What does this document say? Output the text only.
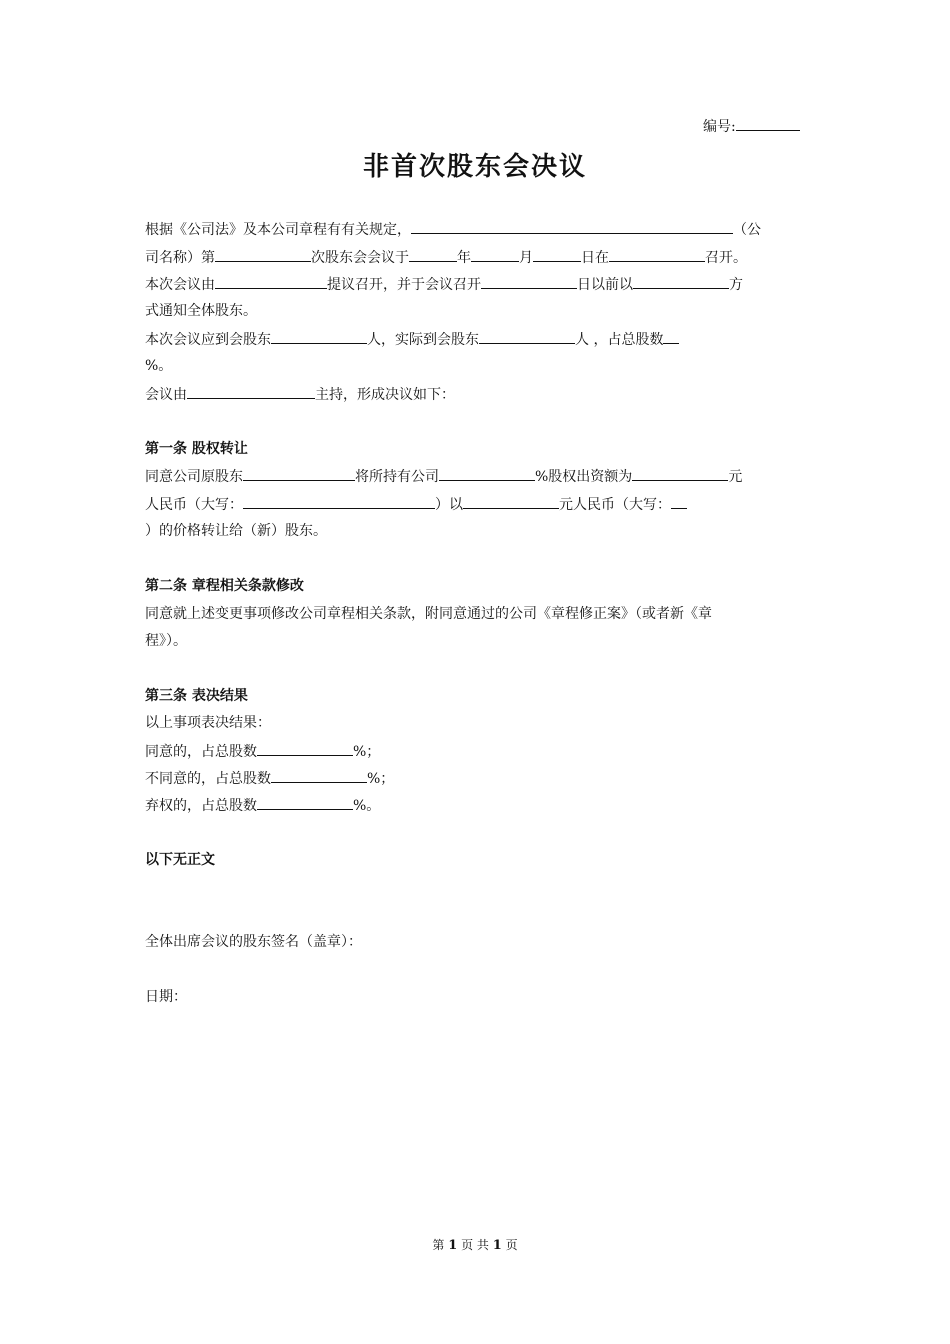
编号:
非首次股东会决议
根据《公司法》及本公司章程有有关规定，	（公
司名称）第	次股东会会议于	年	月	日在	召开。
本次会议由	提议召开，并于会议召开	日以前以	方
式通知全体股东。
本次会议应到会股东	人，实际到会股东	人 ，占总股数
%。
会议由	主持，形成决议如下：
第一条 股权转让
同意公司原股东	将所持有公司	%股权出资额为	元
人民币（大写：	）以	元人民币（大写：
）的价格转让给（新）股东。
第二条 章程相关条款修改
同意就上述变更事项修改公司章程相关条款，附同意通过的公司《章程修正案》（或者新《章
程》）。
第三条 表决结果
以上事项表决结果：
同意的，占总股数	%；
不同意的，占总股数	%；
弃权的，占总股数	%。
以下无正文
全体出席会议的股东签名（盖章）：
日期：
第 1 页 共 1 页
